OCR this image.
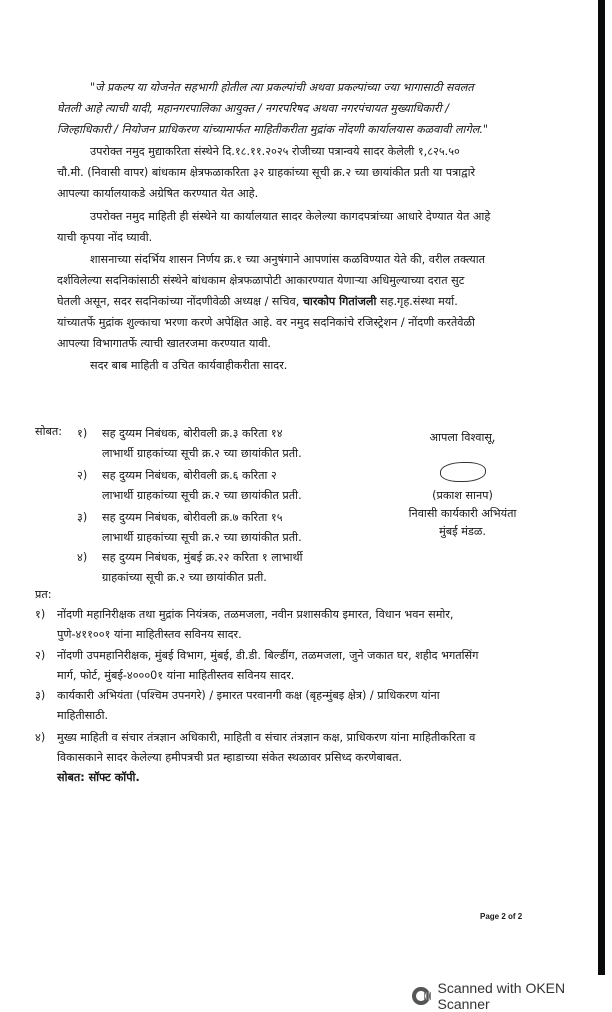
"जे प्रकल्प या योजनेत सहभागी होतील त्या प्रकल्पांची अथवा प्रकल्पांच्या ज्या भागासाठी सवलत
घेतली आहे त्याची यादी, महानगरपालिका आयुक्त / नगरपरिषद अथवा नगरपंचायत मुख्याधिकारी /
जिल्हाधिकारी / नियोजन प्राधिकरण यांच्यामार्फत माहितीकरीता मुद्रांक नोंदणी कार्यालयास कळवावी लागेल."
उपरोक्त नमुद मुद्याकरिता संस्थेने दि.१८.११.२०२५ रोजीच्या पत्रान्वये सादर केलेली १,८२५.५०
चौ.मी. (निवासी वापर) बांधकाम क्षेत्रफळाकरिता ३२ ग्राहकांच्या सूची क्र.२ च्या छायांकीत प्रती या पत्राद्वारे
आपल्या कार्यालयाकडे अग्रेषित करण्यात येत आहे.
उपरोक्त नमुद माहिती ही संस्थेने या कार्यालयात सादर केलेल्या कागदपत्रांच्या आधारे देण्यात येत आहे
याची कृपया नोंद घ्यावी.
शासनाच्या संदर्भिय शासन निर्णय क्र.१ च्या अनुषंगाने आपणांस कळविण्यात येते की, वरील तक्त्यात
दर्शविलेल्या सदनिकांसाठी संस्थेने बांधकाम क्षेत्रफळापोटी आकारण्यात येणाऱ्या अधिमुल्याच्या दरात सुट
घेतली असून, सदर सदनिकांच्या नोंदणीवेळी अध्यक्ष / सचिव, चारकोप गितांजली सह.गृह.संस्था मर्या.
यांच्यातर्फे मुद्रांक शुल्काचा भरणा करणे अपेक्षित आहे. वर नमुद सदनिकांचे रजिस्ट्रेशन / नोंदणी करतेवेळी
आपल्या विभागातर्फे त्याची खातरजमा करण्यात यावी.
सदर बाब माहिती व उचित कार्यवाहीकरीता सादर.
सोबत: १) सह दुय्यम निबंधक, बोरीवली क्र.३ करिता १४
लाभार्थी ग्राहकांच्या सूची क्र.२ च्या छायांकीत प्रती.
२) सह दुय्यम निबंधक, बोरीवली क्र.६ करिता २
लाभार्थी ग्राहकांच्या सूची क्र.२ च्या छायांकीत प्रती.
३) सह दुय्यम निबंधक, बोरीवली क्र.७ करिता १५
लाभार्थी ग्राहकांच्या सूची क्र.२ च्या छायांकीत प्रती.
४) सह दुय्यम निबंधक, मुंबई क्र.२२ करिता १ लाभार्थी
ग्राहकांच्या सूची क्र.२ च्या छायांकीत प्रती.
आपला विश्वासू,
(प्रकाश सानप)
निवासी कार्यकारी अभियंता
मुंबई मंडळ.
प्रत:
१) नोंदणी महानिरीक्षक तथा मुद्रांक नियंत्रक, तळमजला, नवीन प्रशासकीय इमारत, विधान भवन समोर,
पुणे-४११००१ यांना माहितीस्तव सविनय सादर.
२) नोंदणी उपमहानिरीक्षक, मुंबई विभाग, मुंबई, डी.डी. बिल्डींग, तळमजला, जुने जकात घर, शहीद भगतसिंग
मार्ग, फोर्ट, मुंबई-४०००0१ यांना माहितीस्तव सविनय सादर.
३) कार्यकारी अभियंता (पश्चिम उपनगरे) / इमारत परवानगी कक्ष (बृहन्मुंबइ क्षेत्र) / प्राधिकरण यांना
माहितीसाठी.
४) मुख्य माहिती व संचार तंत्रज्ञान अधिकारी, माहिती व संचार तंत्रज्ञान कक्ष, प्राधिकरण यांना माहितीकरिता व
विकासकाने सादर केलेल्या हमीपत्रची प्रत म्हाडाच्या संकेत स्थळावर प्रसिध्द करणेबाबत.
सोबत: सॉफ्ट कॉपी.
Page 2 of 2
Scanned with OKEN Scanner
